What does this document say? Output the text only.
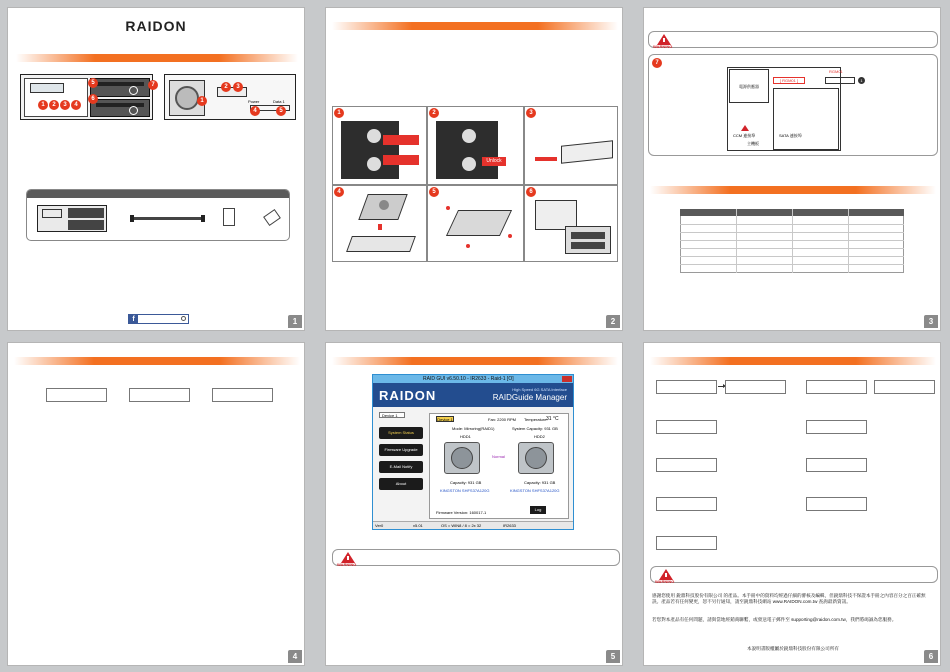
RAIDON
1	2	3	4
5
6
7
1
2	3
4	5
Power	Data 1
f	1
1	2
Unlock
3
4	5	6
2
WARNING
7
電源供應器
[ RGM01 ]
CCM 連接埠	SATA 連接埠
主機板
RGM01
1
3
4
RAID GUI v6.50.10 - IR2633 - Raid-1 [O]
RAIDON	High Speed 6G SATA Interface
RAIDGuide Manager
Device 1
System Status
Firmware Upgrade
E-Mail Notify
About
Device 1	Fan: 2200 RPM	31 °C
Temperature:
Mode: Mirroring(RAID1)	System Capacity: 931 GB
HDD1	HDD2
Normal
Capacity: 931 GB	Capacity: 931 GB
KINGSTON SHFS37A120G	KINGSTON SHFS37A120G
Firmware Version: 160017-1
Log
Ver0	v5.01	OS = WIN8 / 8 = 2x 32	IR2633
WARNING
5
WARNING
感謝您使用 銳鼎科技股份有限公司 的產品。本手冊中的資料均經過仔細的審核及編輯，但銳鼎科技不保證本手冊之內容百分之百正確無誤。產品若有任何變更，恕不另行通知，請至銳鼎科技網站 www.RAIDON.com.tw 查詢最新資訊。
若您對本產品有任何問題，請與當地經銷商聯繫，或發送電子郵件至 supporting@raidon.com.tw，我們將竭誠為您服務。
本說明書版權屬於銳鼎科技股份有限公司所有
6
